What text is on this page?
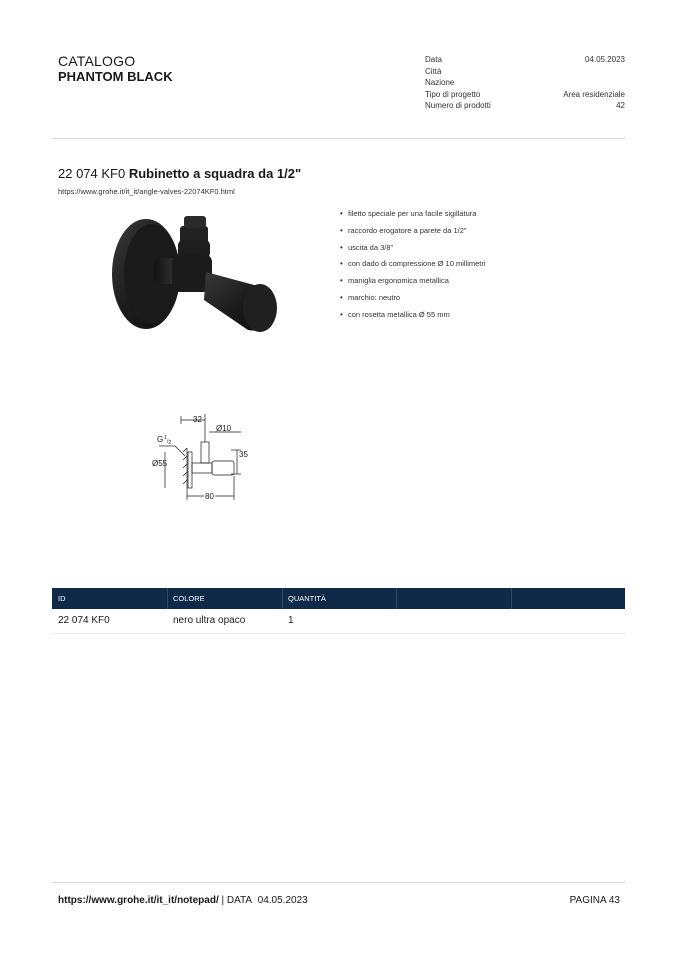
CATALOGO
PHANTOM BLACK
Data	04.05.2023
Città
Nazione
Tipo di progetto	Area residenziale
Numero di prodotti	42
22 074 KF0 Rubinetto a squadra da 1/2"
https://www.grohe.it/it_it/angle-valves-22074KF0.html
• filetto speciale per una facile sigillatura
• raccordo erogatore a parete da 1/2"
• uscita da 3/8"
• con dado di compressione Ø 10 millimetri
• maniglia ergonomica metallica
• marchio: neutro
• con rosetta metallica Ø 55 mm
32
Ø10
$G^1_/2$
35
Ø55
80
ID	COLORE	QUANTITÀ
22 074 KF0	nero ultra opaco	1
https://www.grohe.it/it_it/notepad/ | DATA 04.05.2023	PAGINA 43
